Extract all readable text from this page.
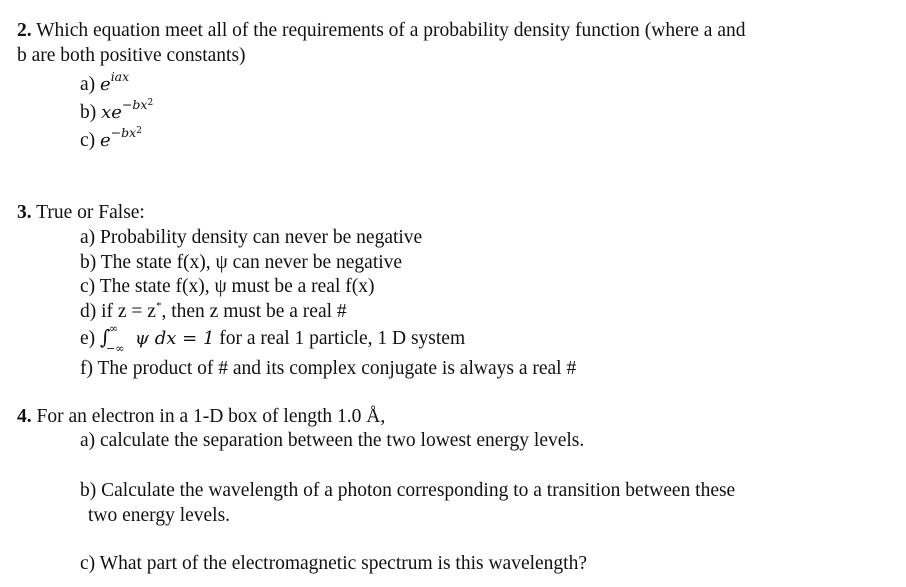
2. Which equation meet all of the requirements of a probability density function (where a and
b are both positive constants)
a) $e^{iax}$
b) $xe^{-bx^2}$
c) $e^{-bx^2}$
3. True or False:
a) Probability density can never be negative
b) The state f(x), ψ can never be negative
c) The state f(x), ψ must be a real f(x)
d) if z = z*, then z must be a real #
e) ∫
∞
−∞ ψ dx = 1 for a real 1 particle, 1 D system
f) The product of # and its complex conjugate is always a real #
4. For an electron in a 1-D box of length 1.0 Å,
a) calculate the separation between the two lowest energy levels.
b) Calculate the wavelength of a photon corresponding to a transition between these
two energy levels.
c) What part of the electromagnetic spectrum is this wavelength?
